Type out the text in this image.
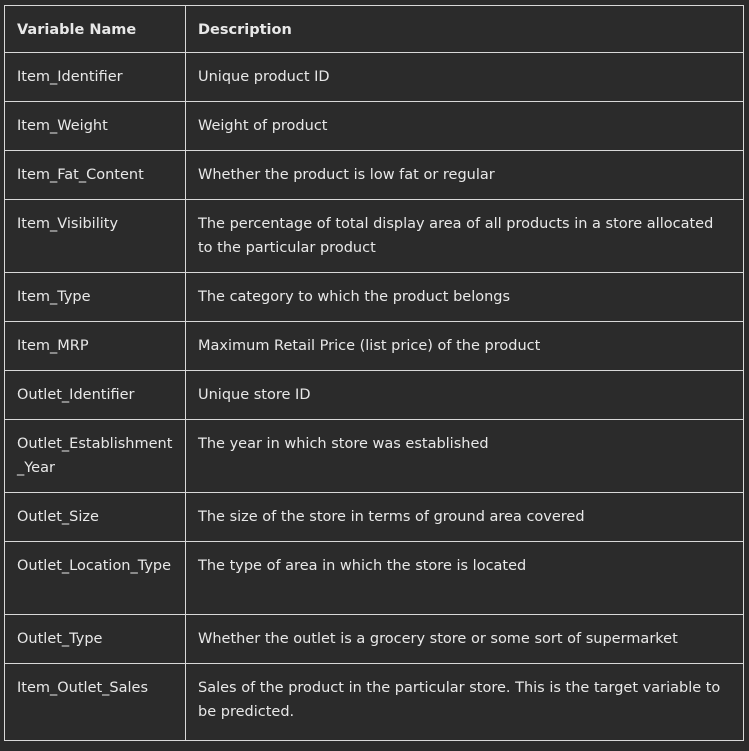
Variable Name	Description
Item_Identifier	Unique product ID
Item_Weight	Weight of product
Item_Fat_Content	Whether the product is low fat or regular
Item_Visibility	The percentage of total display area of all products in a store allocated to the particular product
Item_Type	The category to which the product belongs
Item_MRP	Maximum Retail Price (list price) of the product
Outlet_Identifier	Unique store ID
Outlet_Establishment_Year	The year in which store was established
Outlet_Size	The size of the store in terms of ground area covered
Outlet_Location_Type	The type of area in which the store is located
Outlet_Type	Whether the outlet is a grocery store or some sort of supermarket
Item_Outlet_Sales	Sales of the product in the particular store. This is the target variable to be predicted.
